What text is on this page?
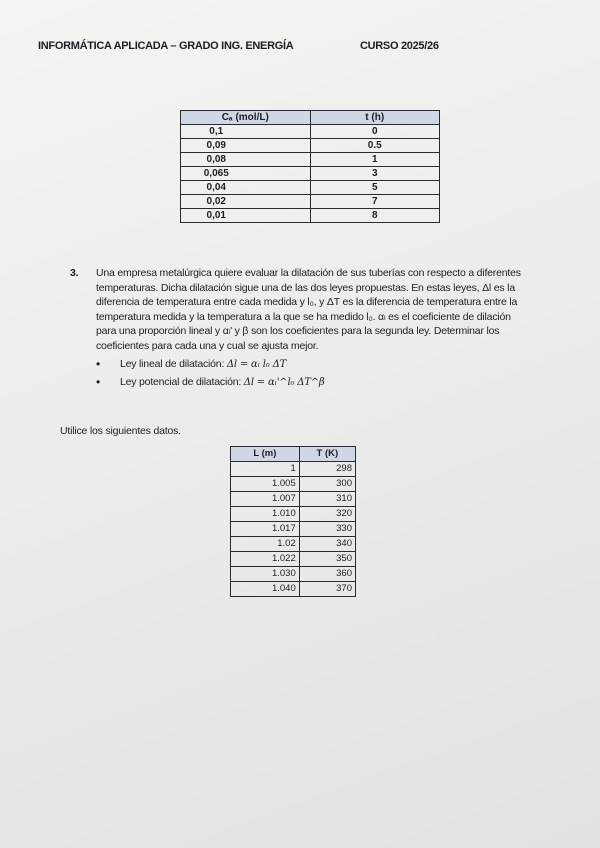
INFORMÁTICA APLICADA – GRADO ING. ENERGÍA	CURSO 2025/26
Cₐ (mol/L)	t (h)
0,1	0
0,09	0.5
0,08	1
0,065	3
0,04	5
0,02	7
0,01	8
3. Una empresa metalúrgica quiere evaluar la dilatación de sus tuberías con respecto a diferentes temperaturas. Dicha dilatación sigue una de las dos leyes propuestas. En estas leyes, Δl es la diferencia de temperatura entre cada medida y l₀, y ΔT es la diferencia de temperatura entre la temperatura medida y la temperatura a la que se ha medido l₀. αₗ es el coeficiente de dilación para una proporción lineal y αₗ' y β son los coeficientes para la segunda ley. Determinar los coeficientes para cada una y cual se ajusta mejor.
• Ley lineal de dilatación: Δl = αₗ l₀ ΔT
• Ley potencial de dilatación: Δl = αₗ'^l₀ ΔT^β
Utilice los siguientes datos.
L (m)	T (K)
1	298
1.005	300
1.007	310
1.010	320
1.017	330
1.02	340
1.022	350
1.030	360
1.040	370
